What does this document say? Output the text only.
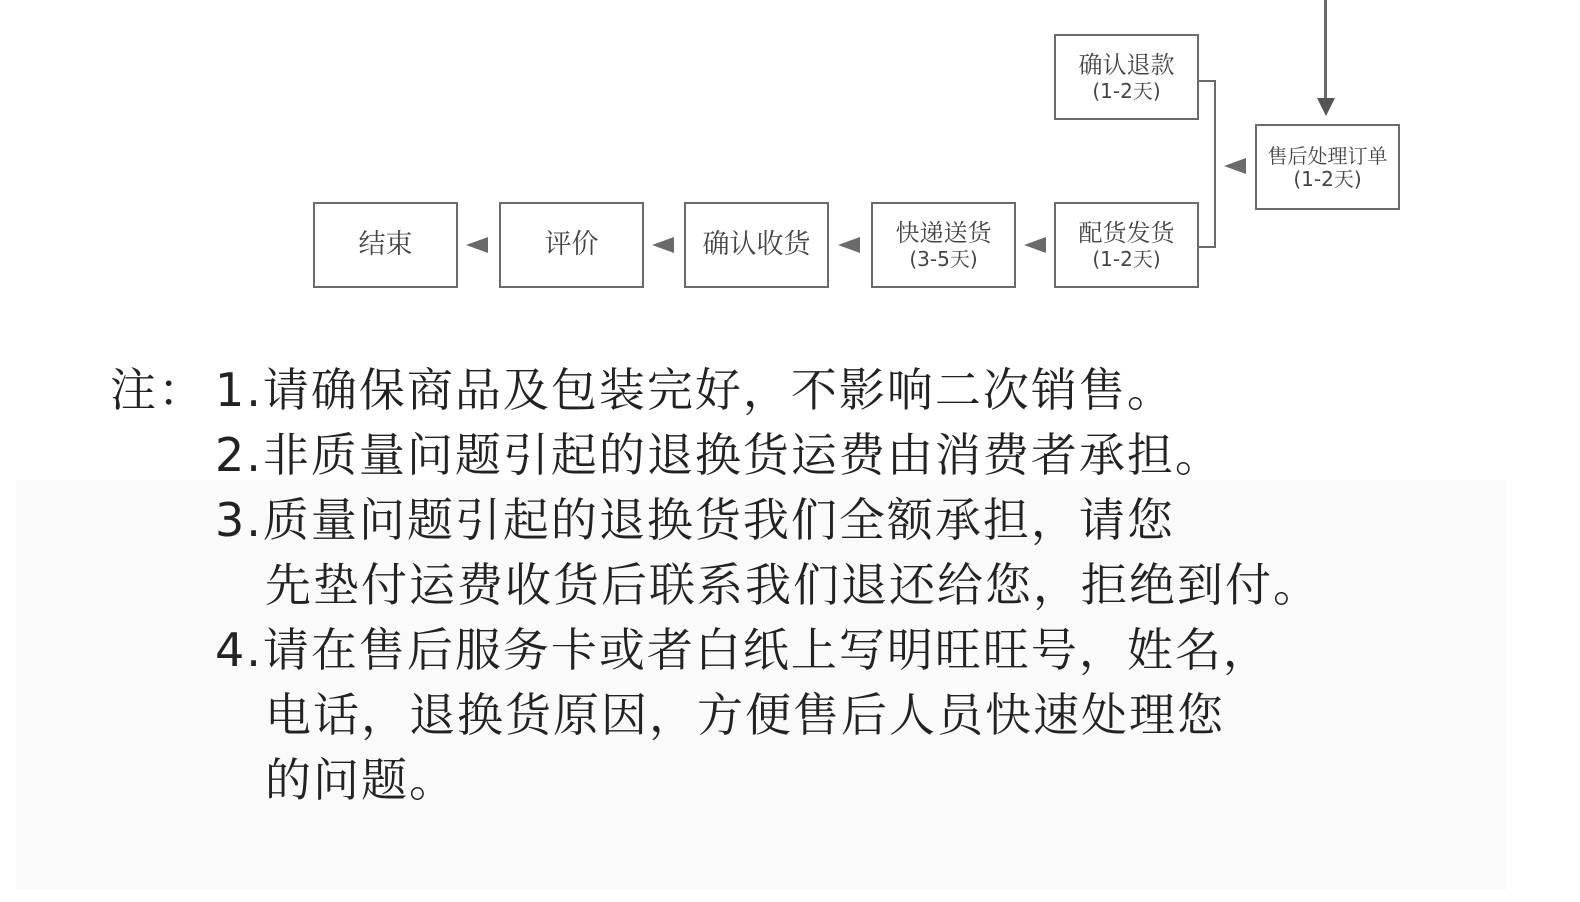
确认退款
(1-2天)
售后处理订单
(1-2天)
配货发货
(1-2天)
快递送货
(3-5天)
确认收货
评价
结束
注： 1.请确保商品及包装完好，不影响二次销售。
2.非质量问题引起的退换货运费由消费者承担。
3.质量问题引起的退换货我们全额承担，请您
先垫付运费收货后联系我们退还给您，拒绝到付。
4.请在售后服务卡或者白纸上写明旺旺号，姓名，
电话，退换货原因，方便售后人员快速处理您
的问题。
